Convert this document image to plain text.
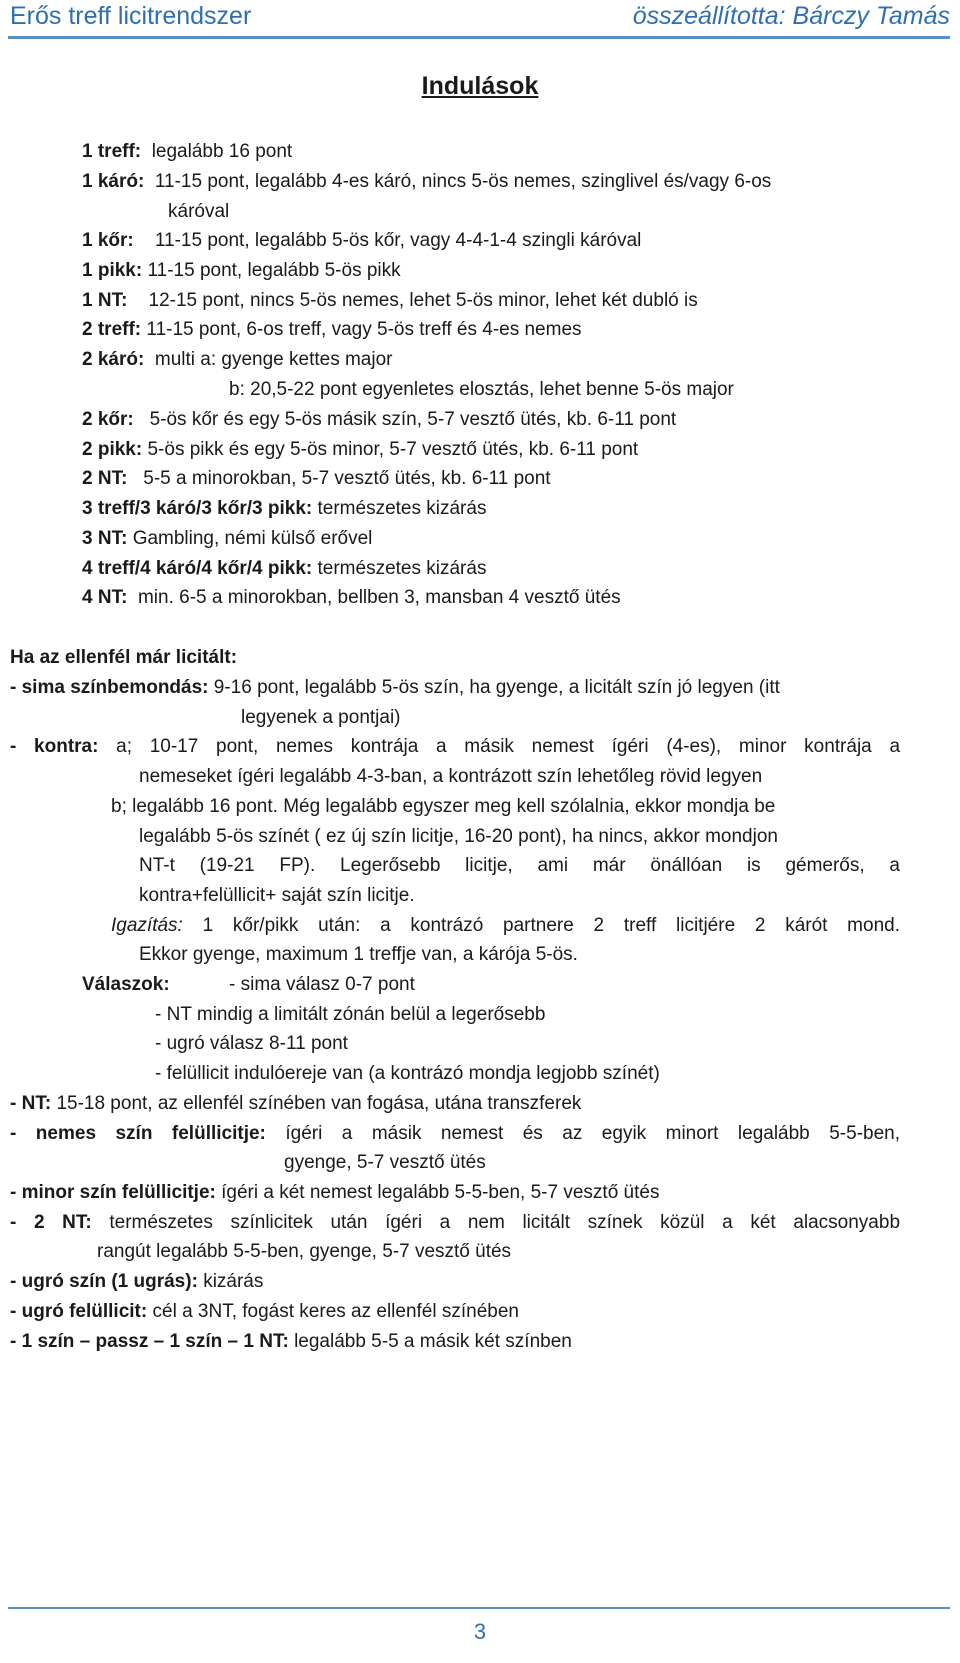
Erős treff licitrendszer	összeállította: Bárczy Tamás
Indulások
1 treff: legalább 16 pont
1 káró: 11-15 pont, legalább 4-es káró, nincs 5-ös nemes, szinglivel és/vagy 6-os
káróval
1 kőr: 11-15 pont, legalább 5-ös kőr, vagy 4-4-1-4 szingli káróval
1 pikk: 11-15 pont, legalább 5-ös pikk
1 NT: 12-15 pont, nincs 5-ös nemes, lehet 5-ös minor, lehet két dubló is
2 treff: 11-15 pont, 6-os treff, vagy 5-ös treff és 4-es nemes
2 káró: multi a: gyenge kettes major
b: 20,5-22 pont egyenletes elosztás, lehet benne 5-ös major
2 kőr: 5-ös kőr és egy 5-ös másik szín, 5-7 vesztő ütés, kb. 6-11 pont
2 pikk: 5-ös pikk és egy 5-ös minor, 5-7 vesztő ütés, kb. 6-11 pont
2 NT: 5-5 a minorokban, 5-7 vesztő ütés, kb. 6-11 pont
3 treff/3 káró/3 kőr/3 pikk: természetes kizárás
3 NT: Gambling, némi külső erővel
4 treff/4 káró/4 kőr/4 pikk: természetes kizárás
4 NT: min. 6-5 a minorokban, bellben 3, mansban 4 vesztő ütés
Ha az ellenfél már licitált:
- sima színbemondás: 9-16 pont, legalább 5-ös szín, ha gyenge, a licitált szín jó legyen (itt
legyenek a pontjai)
- kontra: a; 10-17 pont, nemes kontrája a másik nemest ígéri (4-es), minor kontrája a
nemeseket ígéri legalább 4-3-ban, a kontrázott szín lehetőleg rövid legyen
b; legalább 16 pont. Még legalább egyszer meg kell szólalnia, ekkor mondja be
legalább 5-ös színét ( ez új szín licitje, 16-20 pont), ha nincs, akkor mondjon
NT-t (19-21 FP). Legerősebb licitje, ami már önállóan is gémerős, a
kontra+felüllicit+ saját szín licitje.
Igazítás: 1 kőr/pikk után: a kontrázó partnere 2 treff licitjére 2 kárót mond.
Ekkor gyenge, maximum 1 treffje van, a kárója 5-ös.
Válaszok:	- sima válasz 0-7 pont
- NT mindig a limitált zónán belül a legerősebb
- ugró válasz 8-11 pont
- felüllicit indulóereje van (a kontrázó mondja legjobb színét)
- NT: 15-18 pont, az ellenfél színében van fogása, utána transzferek
- nemes szín felüllicitje: ígéri a másik nemest és az egyik minort legalább 5-5-ben,
gyenge, 5-7 vesztő ütés
- minor szín felüllicitje: ígéri a két nemest legalább 5-5-ben, 5-7 vesztő ütés
- 2 NT: természetes színlicitek után ígéri a nem licitált színek közül a két alacsonyabb
rangút legalább 5-5-ben, gyenge, 5-7 vesztő ütés
- ugró szín (1 ugrás): kizárás
- ugró felüllicit: cél a 3NT, fogást keres az ellenfél színében
- 1 szín – passz – 1 szín – 1 NT: legalább 5-5 a másik két színben
3
